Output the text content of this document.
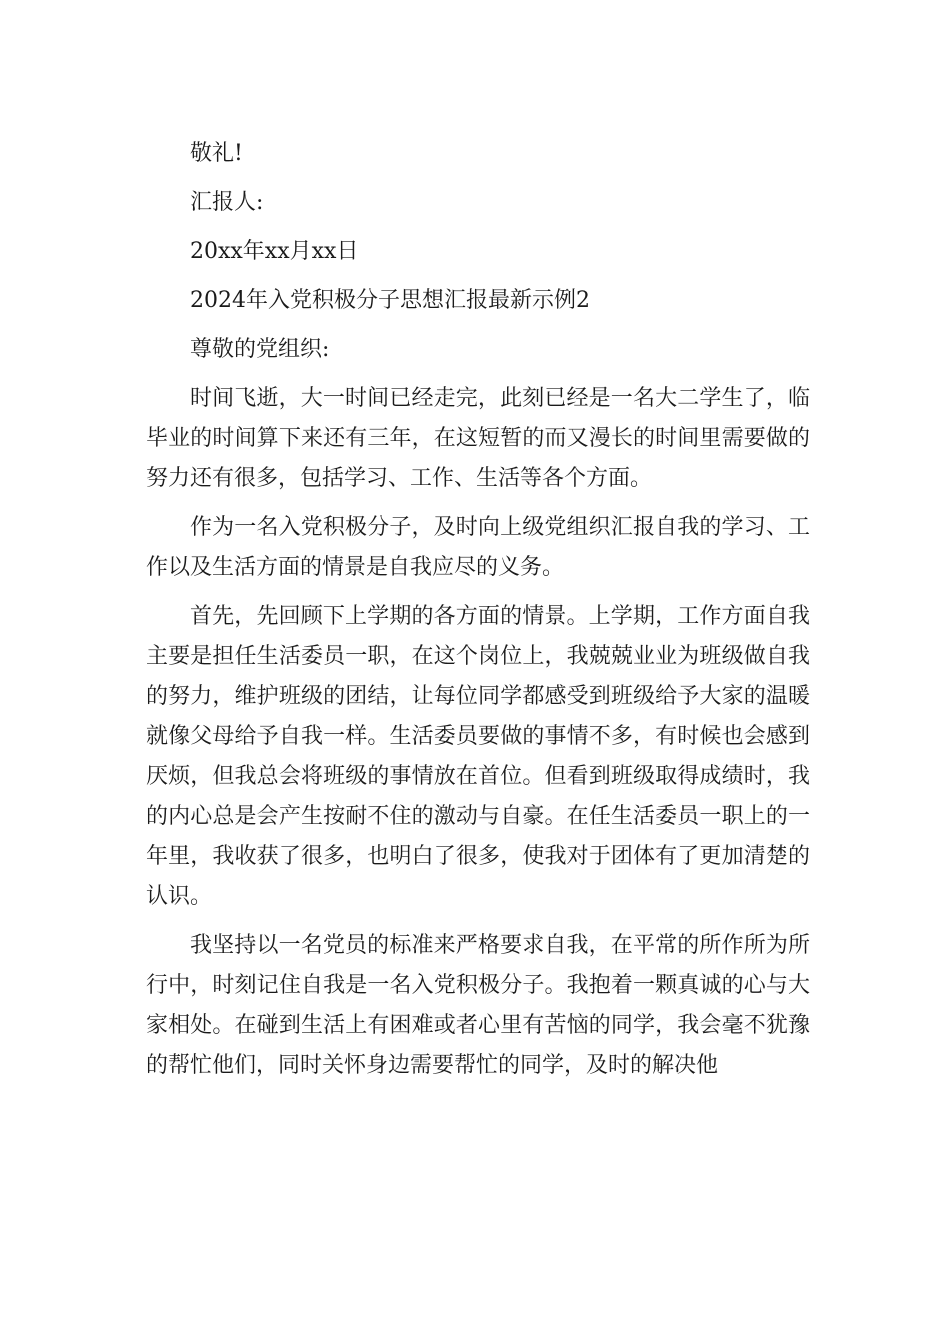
敬礼!

汇报人:

20xx年xx月xx日

2024年入党积极分子思想汇报最新示例2

尊敬的党组织:

时间飞逝，大一时间已经走完，此刻已经是一名大二学生了，临毕业的时间算下来还有三年，在这短暂的而又漫长的时间里需要做的努力还有很多，包括学习、工作、生活等各个方面。

作为一名入党积极分子，及时向上级党组织汇报自我的学习、工作以及生活方面的情景是自我应尽的义务。

首先，先回顾下上学期的各方面的情景。上学期，工作方面自我主要是担任生活委员一职，在这个岗位上，我兢兢业业为班级做自我的努力，维护班级的团结，让每位同学都感受到班级给予大家的温暖就像父母给予自我一样。生活委员要做的事情不多，有时候也会感到厌烦，但我总会将班级的事情放在首位。但看到班级取得成绩时，我的内心总是会产生按耐不住的激动与自豪。在任生活委员一职上的一年里，我收获了很多，也明白了很多，使我对于团体有了更加清楚的认识。

我坚持以一名党员的标准来严格要求自我，在平常的所作所为所行中，时刻记住自我是一名入党积极分子。我抱着一颗真诚的心与大家相处。在碰到生活上有困难或者心里有苦恼的同学，我会毫不犹豫的帮忙他们，同时关怀身边需要帮忙的同学，及时的解决他
